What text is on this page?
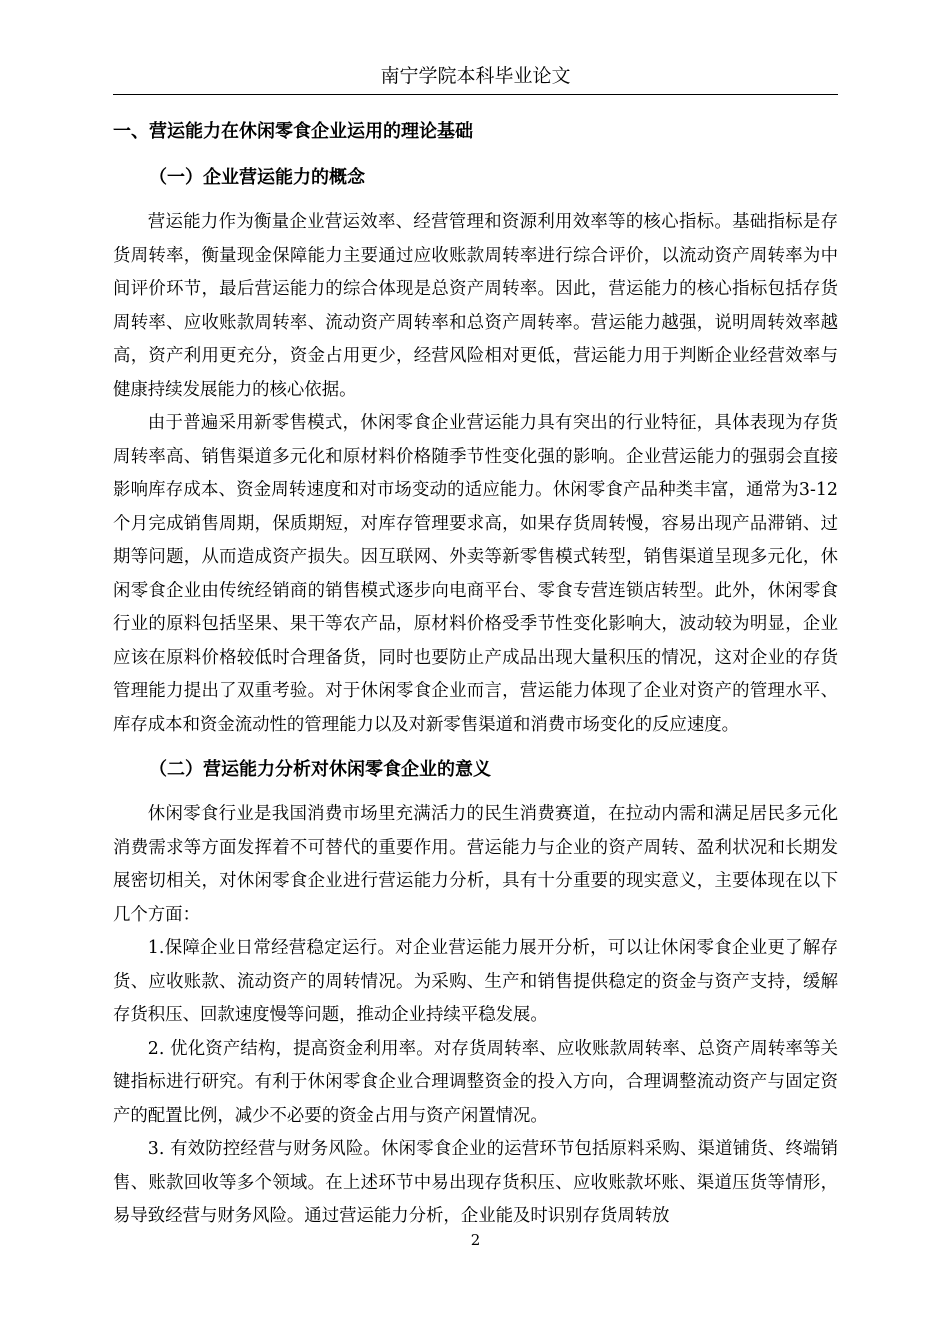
南宁学院本科毕业论文
一、营运能力在休闲零食企业运用的理论基础
（一）企业营运能力的概念

营运能力作为衡量企业营运效率、经营管理和资源利用效率等的核心指标。基础指标是存货周转率，衡量现金保障能力主要通过应收账款周转率进行综合评价，以流动资产周转率为中间评价环节，最后营运能力的综合体现是总资产周转率。因此，营运能力的核心指标包括存货周转率、应收账款周转率、流动资产周转率和总资产周转率。营运能力越强，说明周转效率越高，资产利用更充分，资金占用更少，经营风险相对更低，营运能力用于判断企业经营效率与健康持续发展能力的核心依据。

由于普遍采用新零售模式，休闲零食企业营运能力具有突出的行业特征，具体表现为存货周转率高、销售渠道多元化和原材料价格随季节性变化强的影响。企业营运能力的强弱会直接影响库存成本、资金周转速度和对市场变动的适应能力。休闲零食产品种类丰富，通常为3-12个月完成销售周期，保质期短，对库存管理要求高，如果存货周转慢，容易出现产品滞销、过期等问题，从而造成资产损失。因互联网、外卖等新零售模式转型，销售渠道呈现多元化，休闲零食企业由传统经销商的销售模式逐步向电商平台、零食专营连锁店转型。此外，休闲零食行业的原料包括坚果、果干等农产品，原材料价格受季节性变化影响大，波动较为明显，企业应该在原料价格较低时合理备货，同时也要防止产成品出现大量积压的情况，这对企业的存货管理能力提出了双重考验。对于休闲零食企业而言，营运能力体现了企业对资产的管理水平、库存成本和资金流动性的管理能力以及对新零售渠道和消费市场变化的反应速度。

（二）营运能力分析对休闲零食企业的意义

休闲零食行业是我国消费市场里充满活力的民生消费赛道，在拉动内需和满足居民多元化消费需求等方面发挥着不可替代的重要作用。营运能力与企业的资产周转、盈利状况和长期发展密切相关，对休闲零食企业进行营运能力分析，具有十分重要的现实意义，主要体现在以下几个方面：

1.保障企业日常经营稳定运行。对企业营运能力展开分析，可以让休闲零食企业更了解存货、应收账款、流动资产的周转情况。为采购、生产和销售提供稳定的资金与资产支持，缓解存货积压、回款速度慢等问题，推动企业持续平稳发展。

2. 优化资产结构，提高资金利用率。对存货周转率、应收账款周转率、总资产周转率等关键指标进行研究。有利于休闲零食企业合理调整资金的投入方向，合理调整流动资产与固定资产的配置比例，减少不必要的资金占用与资产闲置情况。

3. 有效防控经营与财务风险。休闲零食企业的运营环节包括原料采购、渠道铺货、终端销售、账款回收等多个领域。在上述环节中易出现存货积压、应收账款坏账、渠道压货等情形，易导致经营与财务风险。通过营运能力分析，企业能及时识别存货周转放

2
